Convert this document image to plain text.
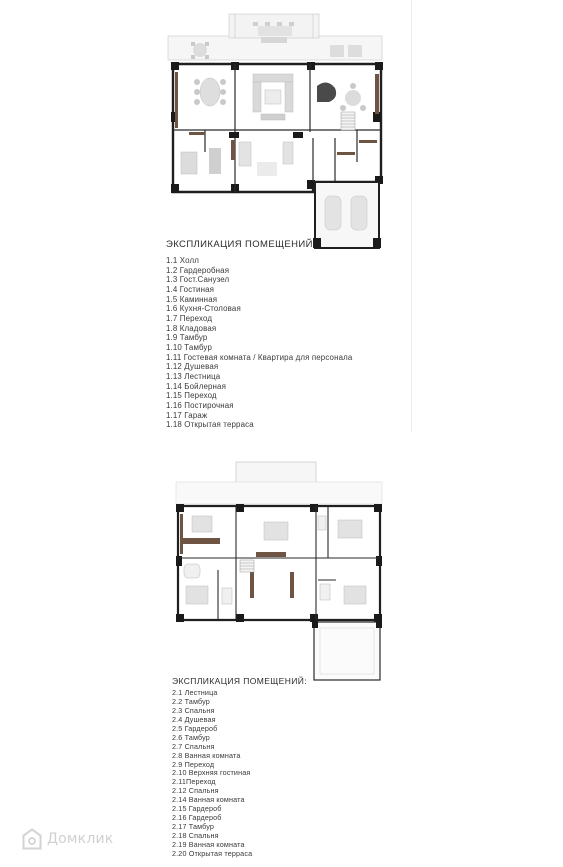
ЭКСПЛИКАЦИЯ ПОМЕЩЕНИЙ:
1.1 Холл
1.2 Гардеробная
1.3 Гост.Санузел
1.4 Гостиная
1.5 Каминная
1.6 Кухня-Столовая
1.7 Переход
1.8 Кладовая
1.9 Тамбур
1.10 Тамбур
1.11 Гостевая комната / Квартира для персонала
1.12 Душевая
1.13 Лестница
1.14 Бойлерная
1.15 Переход
1.16 Постирочная
1.17 Гараж
1.18 Открытая терраса
ЭКСПЛИКАЦИЯ ПОМЕЩЕНИЙ:
2.1 Лестница
2.2 Тамбур
2.3 Спальня
2.4 Душевая
2.5 Гардероб
2.6 Тамбур
2.7 Спальня
2.8 Ванная комната
2.9 Переход
2.10 Верхняя гостиная
2.11Переход
2.12 Спальня
2.14 Ванная комната
2.15 Гардероб
2.16 Гардероб
2.17 Тамбур
2.18 Спальня
2.19 Ванная комната
2.20 Открытая терраса
Домклик
